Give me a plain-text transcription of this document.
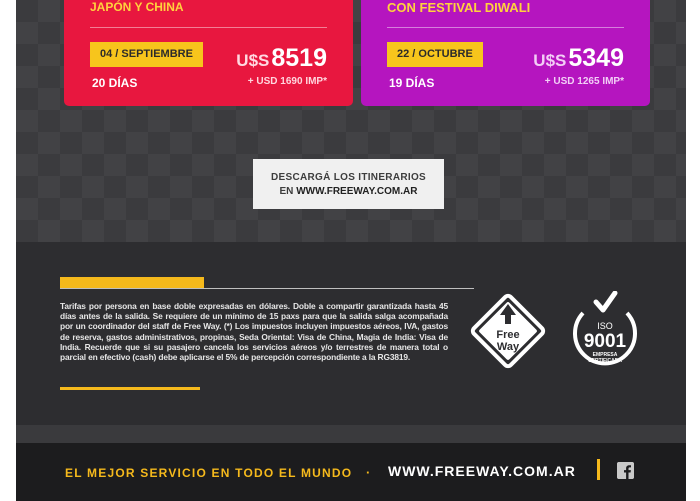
JAPÓN Y CHINA
04 / SEPTIEMBRE
20 DÍAS
U$S8519
+ USD 1690 IMP*
CON FESTIVAL DIWALI
22 / OCTUBRE
19 DÍAS
U$S5349
+ USD 1265 IMP*
DESCARGÁ LOS ITINERARIOS
EN WWW.FREEWAY.COM.AR
Tarifas por persona en base doble expresadas en dólares. Doble a compartir garantizada hasta 45 días antes de la salida. Se requiere de un mínimo de 15 paxs para que la salida salga acompañada por un coordinador del staff de Free Way. (*) Los impuestos incluyen impuestos aéreos, IVA, gastos de reserva, gastos administrativos, propinas, Seda Oriental: Visa de China, Magia de India: Visa de India. Recuerde que si su pasajero cancela los servicios aéreos y/o terrestres de manera total o parcial en efectivo (cash) debe aplicarse el 5% de percepción correspondiente a la RG3819.
Free
Way
ISO
9001
EMPRESA
CERTIFICADA
EL MEJOR SERVICIO EN TODO EL MUNDO · WWW.FREEWAY.COM.AR
